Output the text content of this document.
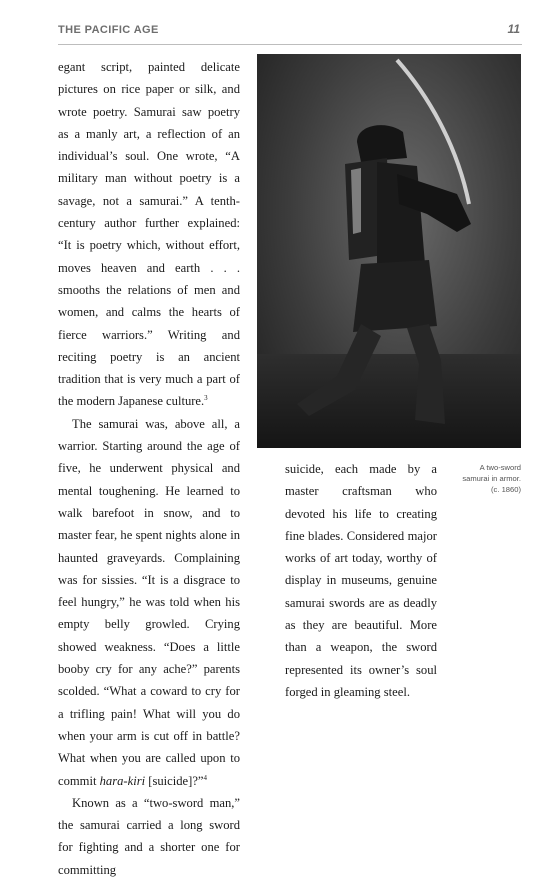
THE PACIFIC AGE	11

egant script, painted delicate pictures on rice paper or silk, and wrote poetry. Samurai saw poetry as a manly art, a reflection of an individual’s soul. One wrote, “A military man without poetry is a savage, not a samurai.” A tenth-century author further explained: “It is poetry which, without effort, moves heaven and earth . . . smooths the relations of men and women, and calms the hearts of fierce warriors.” Writing and reciting poetry is an ancient tradition that is very much a part of the modern Japanese culture.$^3$

The samurai was, above all, a warrior. Starting around the age of five, he underwent physical and mental toughening. He learned to walk barefoot in snow, and to master fear, he spent nights alone in haunted graveyards. Complaining was for sissies. “It is a disgrace to feel hungry,” he was told when his empty belly growled. Crying showed weakness. “Does a little booby cry for any ache?” parents scolded. “What a coward to cry for a trifling pain! What will you do when your arm is cut off in battle? What when you are called upon to commit hara-kiri [suicide]?”$^4$

Known as a “two-sword man,” the samurai carried a long sword for fighting and a shorter one for committing

suicide, each made by a master craftsman who devoted his life to creating fine blades. Considered major works of art today, worthy of display in museums, genuine samurai swords are as deadly as they are beautiful. More than a weapon, the sword represented its owner’s soul forged in gleaming steel.

A two-sword samurai in armor. (c. 1860)
